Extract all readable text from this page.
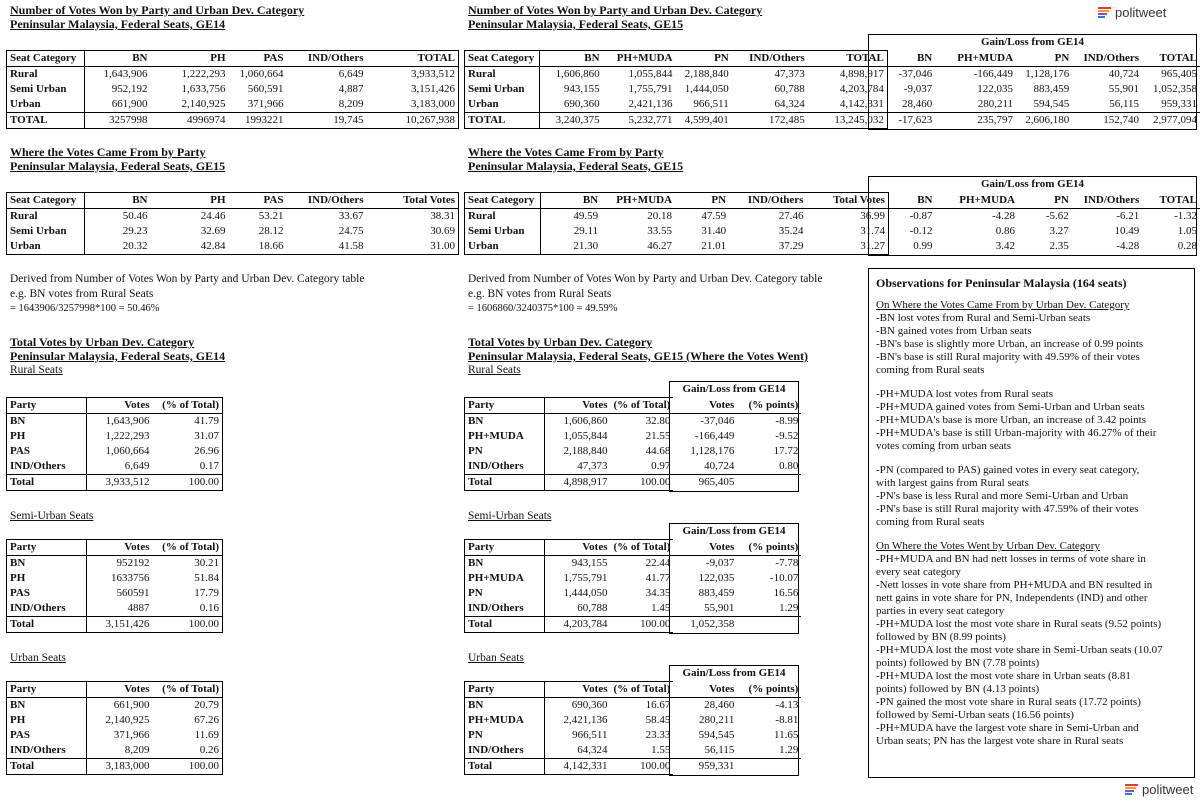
politweet
politweet
Number of Votes Won by Party and Urban Dev. Category
Peninsular Malaysia, Federal Seats, GE14
Seat Category	BN	PH	PAS	IND/Others	TOTAL
Rural	1,643,906	1,222,293	1,060,664	6,649	3,933,512
Semi Urban	952,192	1,633,756	560,591	4,887	3,151,426
Urban	661,900	2,140,925	371,966	8,209	3,183,000
TOTAL	3257998	4996974	1993221	19,745	10,267,938
Number of Votes Won by Party and Urban Dev. Category
Peninsular Malaysia, Federal Seats, GE15
Gain/Loss from GE14
Seat Category	BN	PH+MUDA	PN	IND/Others	TOTAL	BN	PH+MUDA	PN	IND/Others	TOTAL
Rural	1,606,860	1,055,844	2,188,840	47,373	4,898,917	-37,046	-166,449	1,128,176	40,724	965,405
Semi Urban	943,155	1,755,791	1,444,050	60,788	4,203,784	-9,037	122,035	883,459	55,901	1,052,358
Urban	690,360	2,421,136	966,511	64,324	4,142,331	28,460	280,211	594,545	56,115	959,331
TOTAL	3,240,375	5,232,771	4,599,401	172,485	13,245,032	-17,623	235,797	2,606,180	152,740	2,977,094
Where the Votes Came From by Party
Peninsular Malaysia, Federal Seats, GE15
Seat Category	BN	PH	PAS	IND/Others	Total Votes
Rural	50.46	24.46	53.21	33.67	38.31
Semi Urban	29.23	32.69	28.12	24.75	30.69
Urban	20.32	42.84	18.66	41.58	31.00
Derived from Number of Votes Won by Party and Urban Dev. Category table
e.g. BN votes from Rural Seats
= 1643906/3257998*100 = 50.46%
Where the Votes Came From by Party
Peninsular Malaysia, Federal Seats, GE15
Gain/Loss from GE14
Seat Category	BN	PH+MUDA	PN	IND/Others	Total Votes	BN	PH+MUDA	PN	IND/Others	TOTAL
Rural	49.59	20.18	47.59	27.46	36.99	-0.87	-4.28	-5.62	-6.21	-1.32
Semi Urban	29.11	33.55	31.40	35.24	31.74	-0.12	0.86	3.27	10.49	1.05
Urban	21.30	46.27	21.01	37.29	31.27	0.99	3.42	2.35	-4.28	0.28
Derived from Number of Votes Won by Party and Urban Dev. Category table
e.g. BN votes from Rural Seats
= 1606860/3240375*100 = 49.59%
Total Votes by Urban Dev. Category
Peninsular Malaysia, Federal Seats, GE14
Rural Seats
Party	Votes	(% of Total)
BN	1,643,906	41.79
PH	1,222,293	31.07
PAS	1,060,664	26.96
IND/Others	6,649	0.17
Total	3,933,512	100.00
Semi-Urban Seats
Party	Votes	(% of Total)
BN	952192	30.21
PH	1633756	51.84
PAS	560591	17.79
IND/Others	4887	0.16
Total	3,151,426	100.00
Urban Seats
Party	Votes	(% of Total)
BN	661,900	20.79
PH	2,140,925	67.26
PAS	371,966	11.69
IND/Others	8,209	0.26
Total	3,183,000	100.00
Total Votes by Urban Dev. Category
Peninsular Malaysia, Federal Seats, GE15 (Where the Votes Went)
Rural Seats
Gain/Loss from GE14
Party	Votes	(% of Total)	Votes	(% points)
BN	1,606,860	32.80	-37,046	-8.99
PH+MUDA	1,055,844	21.55	-166,449	-9.52
PN	2,188,840	44.68	1,128,176	17.72
IND/Others	47,373	0.97	40,724	0.80
Total	4,898,917	100.00	965,405	
Semi-Urban Seats
Gain/Loss from GE14
Party	Votes	(% of Total)	Votes	(% points)
BN	943,155	22.44	-9,037	-7.78
PH+MUDA	1,755,791	41.77	122,035	-10.07
PN	1,444,050	34.35	883,459	16.56
IND/Others	60,788	1.45	55,901	1.29
Total	4,203,784	100.00	1,052,358	
Urban Seats
Gain/Loss from GE14
Party	Votes	(% of Total)	Votes	(% points)
BN	690,360	16.67	28,460	-4.13
PH+MUDA	2,421,136	58.45	280,211	-8.81
PN	966,511	23.33	594,545	11.65
IND/Others	64,324	1.55	56,115	1.29
Total	4,142,331	100.00	959,331	
Observations for Peninsular Malaysia (164 seats)
On Where the Votes Came From by Urban Dev. Category
-BN lost votes from Rural and Semi-Urban seats
-BN gained votes from Urban seats
-BN's base is slightly more Urban, an increase of 0.99 points
-BN's base is still Rural majority with 49.59% of their votes
coming from Rural seats
-PH+MUDA lost votes from Rural seats
-PH+MUDA gained votes from Semi-Urban and Urban seats
-PH+MUDA's base is more Urban, an increase of 3.42 points
-PH+MUDA's base is still Urban-majority with 46.27% of their
votes coming from urban seats
-PN (compared to PAS) gained votes in every seat category,
with largest gains from Rural seats
-PN's base is less Rural and more Semi-Urban and Urban
-PN's base is still Rural majority with 47.59% of their votes
coming from Rural seats
On Where the Votes Went by Urban Dev. Category
-PH+MUDA and BN had nett losses in terms of vote share in
every seat category
-Nett losses in vote share from PH+MUDA and BN resulted in
nett gains in vote share for PN, Independents (IND) and other
parties in every seat category
-PH+MUDA lost the most vote share in Rural seats (9.52 points)
followed by BN (8.99 points)
-PH+MUDA lost the most vote share in Semi-Urban seats (10.07
points) followed by BN (7.78 points)
-PH+MUDA lost the most vote share in Urban seats (8.81
points) followed by BN (4.13 points)
-PN gained the most vote share in Rural seats (17.72 points)
followed by Semi-Urban seats (16.56 points)
-PH+MUDA have the largest vote share in Semi-Urban and
Urban seats; PN has the largest vote share in Rural seats
